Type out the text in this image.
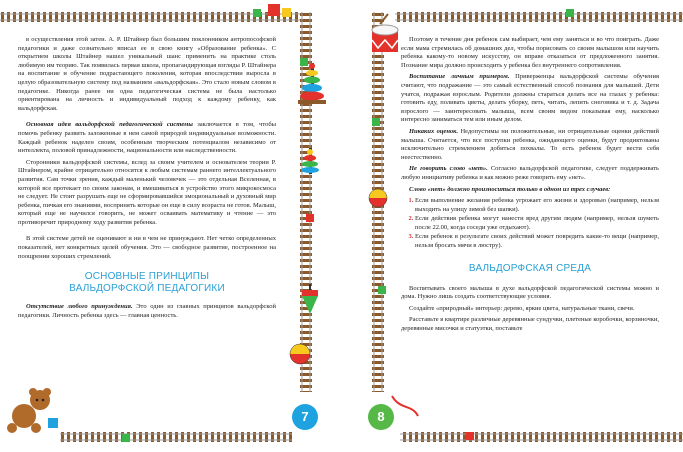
в осуществления этой затеи. А. Р. Штайнер был большим поклонником антропософской педагогики и даже сознательно вписал ее в свою книгу «Образование ребенка». С открытием школы Штайнер нашел уникальный шанс применить на практике столь любимую им теорию. Так появилась первая школа, пропагандирующая взгляды Р. Штайнера на воспитание и обучение подрастающего поколения, которая впоследствии выросла в целую образовательную систему под названием «вальдорфская». Это стало новым словом в педагогике. Никогда ранее ни одна педагогическая система не была настолько ориентирована на личность и индивидуальный подход к каждому ребенку, как вальдорфская.

Основная идея вальдорфской педагогической системы заключается в том, чтобы помочь ребенку развить заложенные в нем самой природой индивидуальные возможности. Каждый ребенок наделен своим, особенным творческим потенциалом независимо от интеллекта, половой принадлежности, национальности или наследственности.

Сторонники вальдорфской системы, вслед за своим учителем и основателем теории Р. Штайнером, крайне отрицательно относятся к любым системам раннего интеллектуального развития. Сам точки зрения, каждый маленький человечек — это отдельная Вселенная, в которой все протекает по своим законам, и вмешиваться в устройство этого микрокосмоса не следует. Не стоит разрушать еще не сформировавшийся эмоциональный и духовный мир ребенка, пичкая его знаниями, воспринять которые он еще в силу возраста не готов. Малыш, который еще не научился говорить, не может осваивать математику и чтение — это противоречит природному ходу развития ребенка.

В этой системе детей не оценивают и ни в чем не принуждают. Нет четко определенных показателей, нет конкретных целей обучения. Это — свободное развитие, построенное на поощрении хороших стремлений.

ОСНОВНЫЕ ПРИНЦИПЫ
ВАЛЬДОРФСКОЙ ПЕДАГОГИКИ

Отсутствие любого принуждения. Это один из главных принципов вальдорфской педагогики. Личность ребенка здесь — главная ценность.

7

Поэтому в течение дня ребенок сам выбирает, чем ему заняться и во что поиграть. Даже если мама стремилась об домашних дел, чтобы порисовать со своим малышом или научить ребенка какому-то новому искусству, он вправе отказаться от предложенного занятия. Познание мира должно происходить у ребенка без внутреннего сопротивления.

Воспитание личным примером. Приверженцы вальдорфской системы обучения считают, что подражание — это самый естественный способ познания для малышей. Дети учатся, подражая взрослым. Родители должны стараться делать все на глазах у ребенка: готовить еду, поливать цветы, делать уборку, петь, читать, лепить снеговика и т. д. Задача взрослого — заинтересовать малыша, всем своим видом показывая ему, насколько интересно заниматься тем или иным делом.

Никаких оценок. Недопустимы ни положительные, ни отрицательные оценки действий малыша. Считается, что все поступки ребенка, ожидающего оценки, будут продиктованы исключительно стремлением добиться похвалы. То есть ребенок будет вести себя неестественно.

Не говорить слово «нет». Согласно вальдорфской педагогике, следует поддерживать любую инициативу ребенка и как можно реже говорить ему «нет».

Слово «нет» должно произноситься только в одном из трех случаев:

1. Если выполнение желания ребенка угрожает его жизни и здоровью (например, нельзя выходить на улицу зимой без шапки).
2. Если действия ребенка могут нанести вред другим людям (например, нельзя шуметь после 22.00, когда соседи уже отдыхают).
3. Если ребенок в результате своих действий может повредить какие-то вещи (например, нельзя бросать мячи в люстру).
ВАЛЬДОРФСКАЯ СРЕДА

Воспитывать своего малыша в духе вальдорфской педагогической системы можно и дома. Нужно лишь создать соответствующие условия.

Создайте «природный» интерьер: дерево, яркие цвета, натуральные ткани, свечи.

Расставьте в квартире различные деревянные сундучки, плетеные коробочки, корзиночки, деревянные мисочки и статуэтки, поставьте

8
